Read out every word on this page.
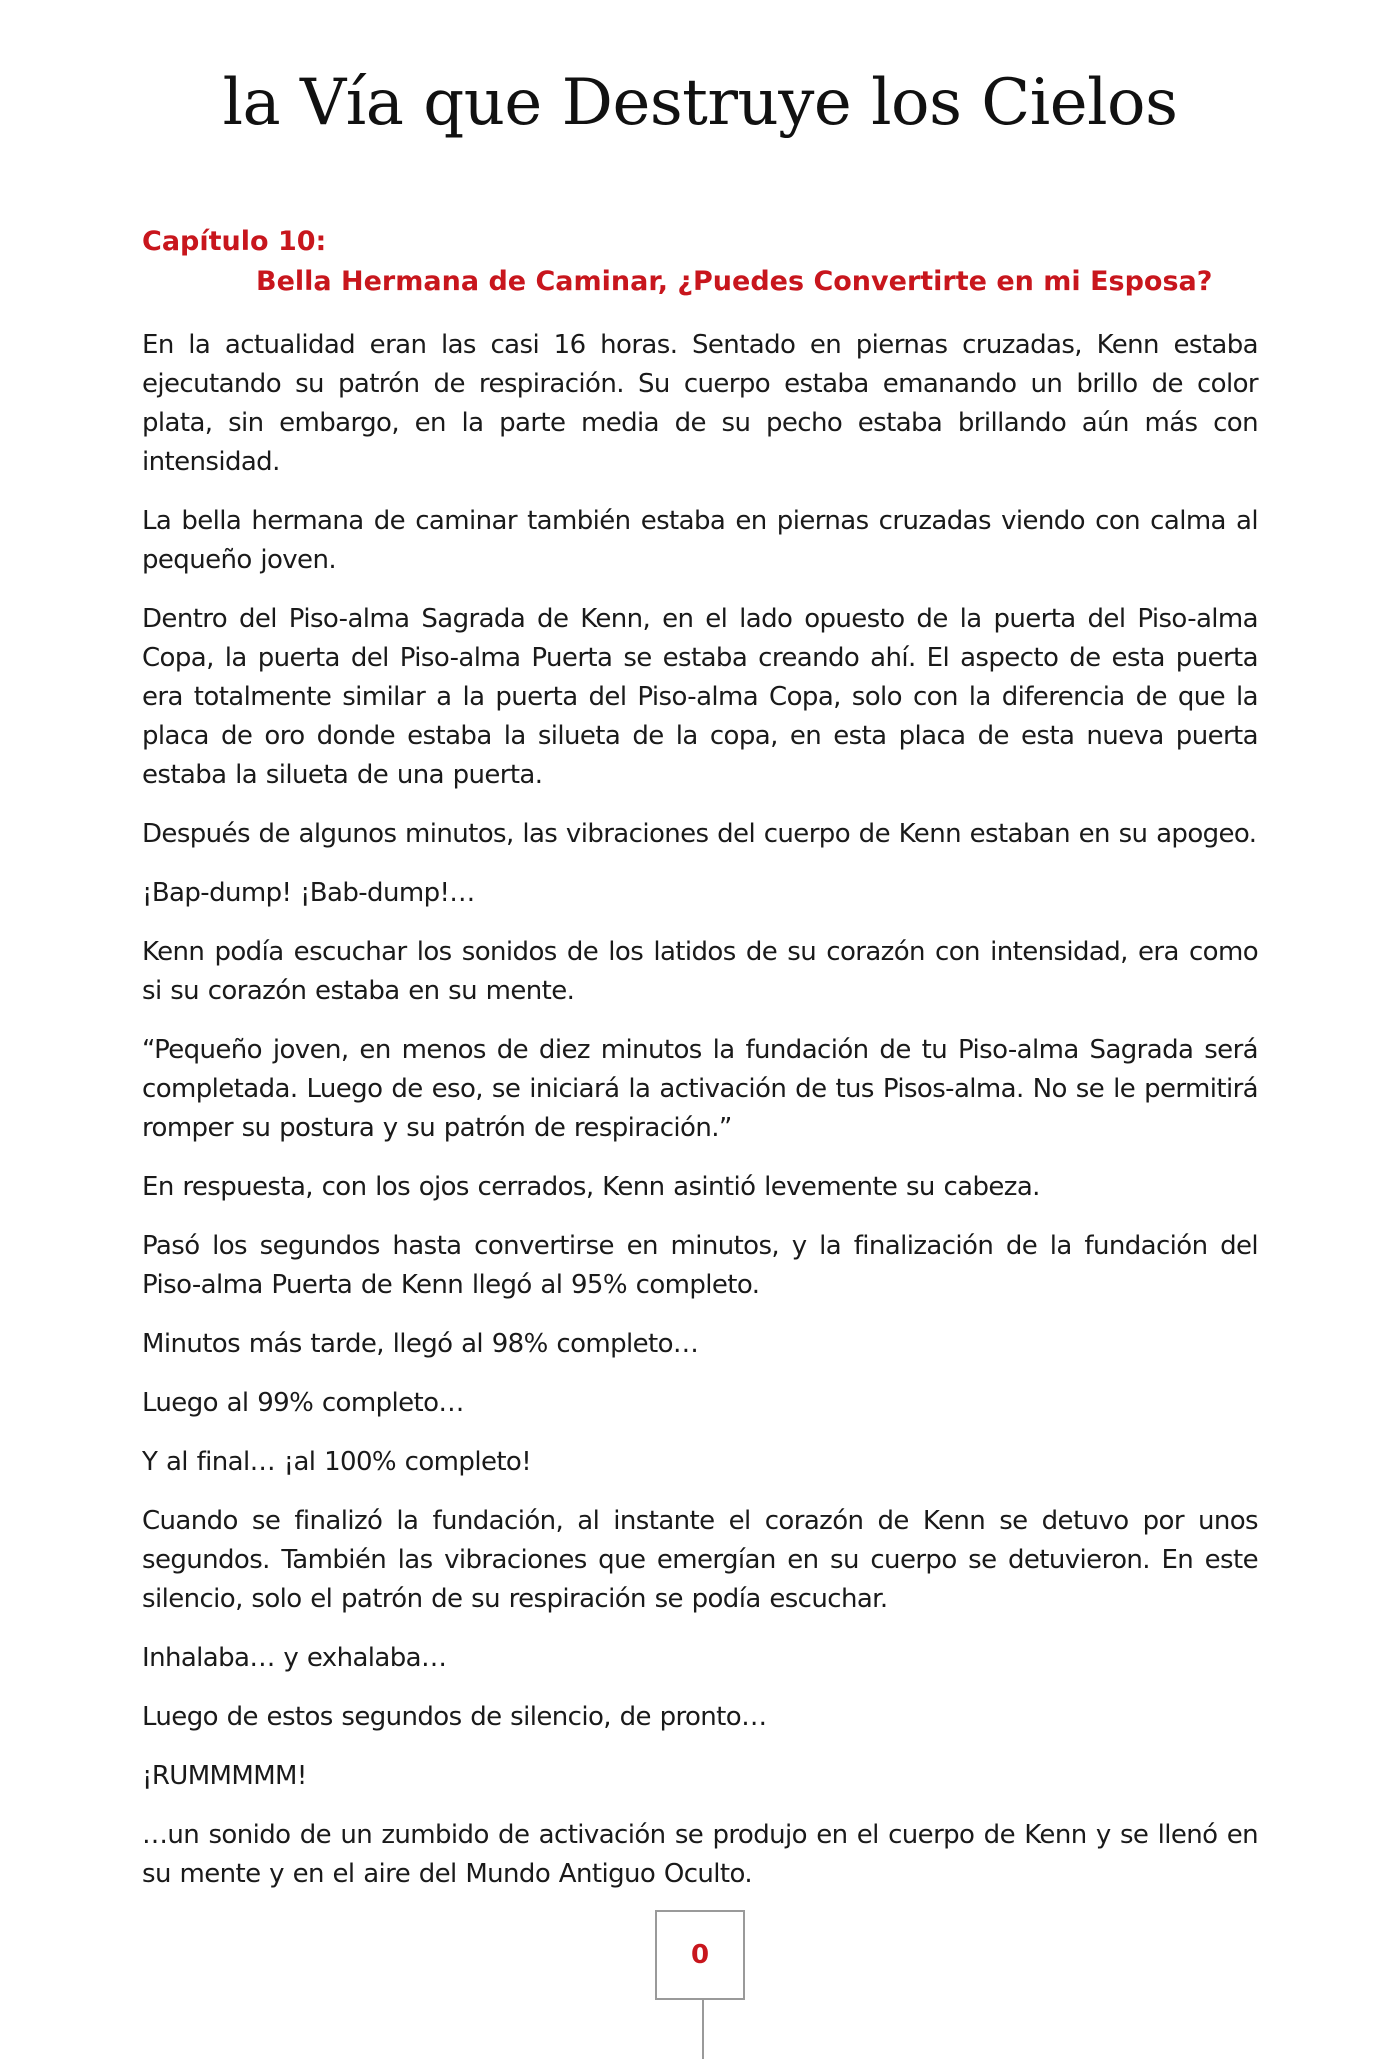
la Vía que Destruye los Cielos
Capítulo 10:
Bella Hermana de Caminar, ¿Puedes Convertirte en mi Esposa?

En la actualidad eran las casi 16 horas. Sentado en piernas cruzadas, Kenn estaba ejecutando su patrón de respiración. Su cuerpo estaba emanando un brillo de color plata, sin embargo, en la parte media de su pecho estaba brillando aún más con intensidad.

La bella hermana de caminar también estaba en piernas cruzadas viendo con calma al pequeño joven.

Dentro del Piso-alma Sagrada de Kenn, en el lado opuesto de la puerta del Piso-alma Copa, la puerta del Piso-alma Puerta se estaba creando ahí. El aspecto de esta puerta era totalmente similar a la puerta del Piso-alma Copa, solo con la diferencia de que la placa de oro donde estaba la silueta de la copa, en esta placa de esta nueva puerta estaba la silueta de una puerta.

Después de algunos minutos, las vibraciones del cuerpo de Kenn estaban en su apogeo.

¡Bap-dump! ¡Bab-dump!…

Kenn podía escuchar los sonidos de los latidos de su corazón con intensidad, era como si su corazón estaba en su mente.

“Pequeño joven, en menos de diez minutos la fundación de tu Piso-alma Sagrada será completada. Luego de eso, se iniciará la activación de tus Pisos-alma. No se le permitirá romper su postura y su patrón de respiración.”

En respuesta, con los ojos cerrados, Kenn asintió levemente su cabeza.

Pasó los segundos hasta convertirse en minutos, y la finalización de la fundación del Piso-alma Puerta de Kenn llegó al 95% completo.

Minutos más tarde, llegó al 98% completo…

Luego al 99% completo…

Y al final… ¡al 100% completo!

Cuando se finalizó la fundación, al instante el corazón de Kenn se detuvo por unos segundos. También las vibraciones que emergían en su cuerpo se detuvieron. En este silencio, solo el patrón de su respiración se podía escuchar.

Inhalaba… y exhalaba…

Luego de estos segundos de silencio, de pronto…

¡RUMMMMM!

…un sonido de un zumbido de activación se produjo en el cuerpo de Kenn y se llenó en su mente y en el aire del Mundo Antiguo Oculto.

0
